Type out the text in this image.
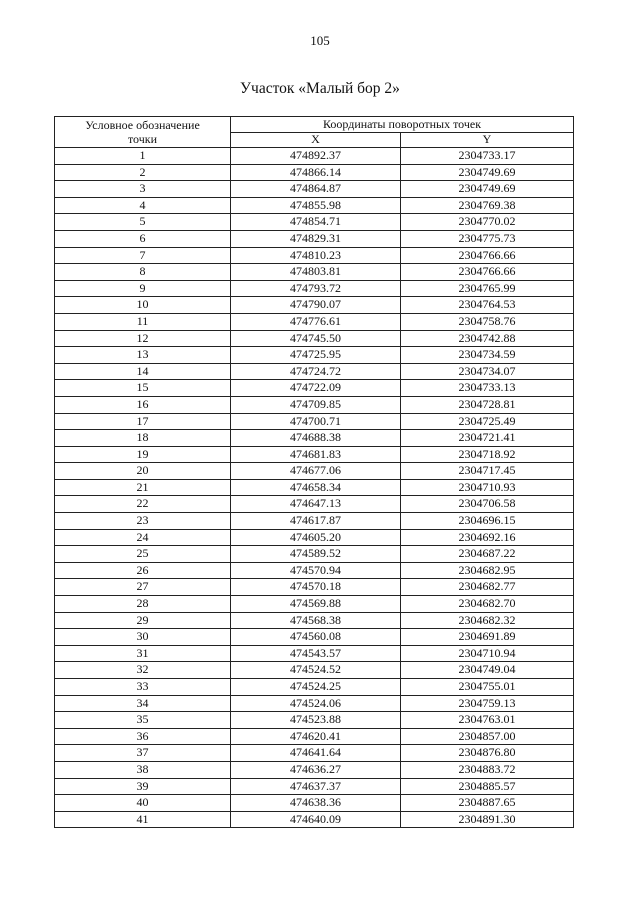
105
Участок «Малый бор 2»
Условное обозначение
точки	Координаты поворотных точек	
	X	Y
1	474892.37	2304733.17
2	474866.14	2304749.69
3	474864.87	2304749.69
4	474855.98	2304769.38
5	474854.71	2304770.02
6	474829.31	2304775.73
7	474810.23	2304766.66
8	474803.81	2304766.66
9	474793.72	2304765.99
10	474790.07	2304764.53
11	474776.61	2304758.76
12	474745.50	2304742.88
13	474725.95	2304734.59
14	474724.72	2304734.07
15	474722.09	2304733.13
16	474709.85	2304728.81
17	474700.71	2304725.49
18	474688.38	2304721.41
19	474681.83	2304718.92
20	474677.06	2304717.45
21	474658.34	2304710.93
22	474647.13	2304706.58
23	474617.87	2304696.15
24	474605.20	2304692.16
25	474589.52	2304687.22
26	474570.94	2304682.95
27	474570.18	2304682.77
28	474569.88	2304682.70
29	474568.38	2304682.32
30	474560.08	2304691.89
31	474543.57	2304710.94
32	474524.52	2304749.04
33	474524.25	2304755.01
34	474524.06	2304759.13
35	474523.88	2304763.01
36	474620.41	2304857.00
37	474641.64	2304876.80
38	474636.27	2304883.72
39	474637.37	2304885.57
40	474638.36	2304887.65
41	474640.09	2304891.30
